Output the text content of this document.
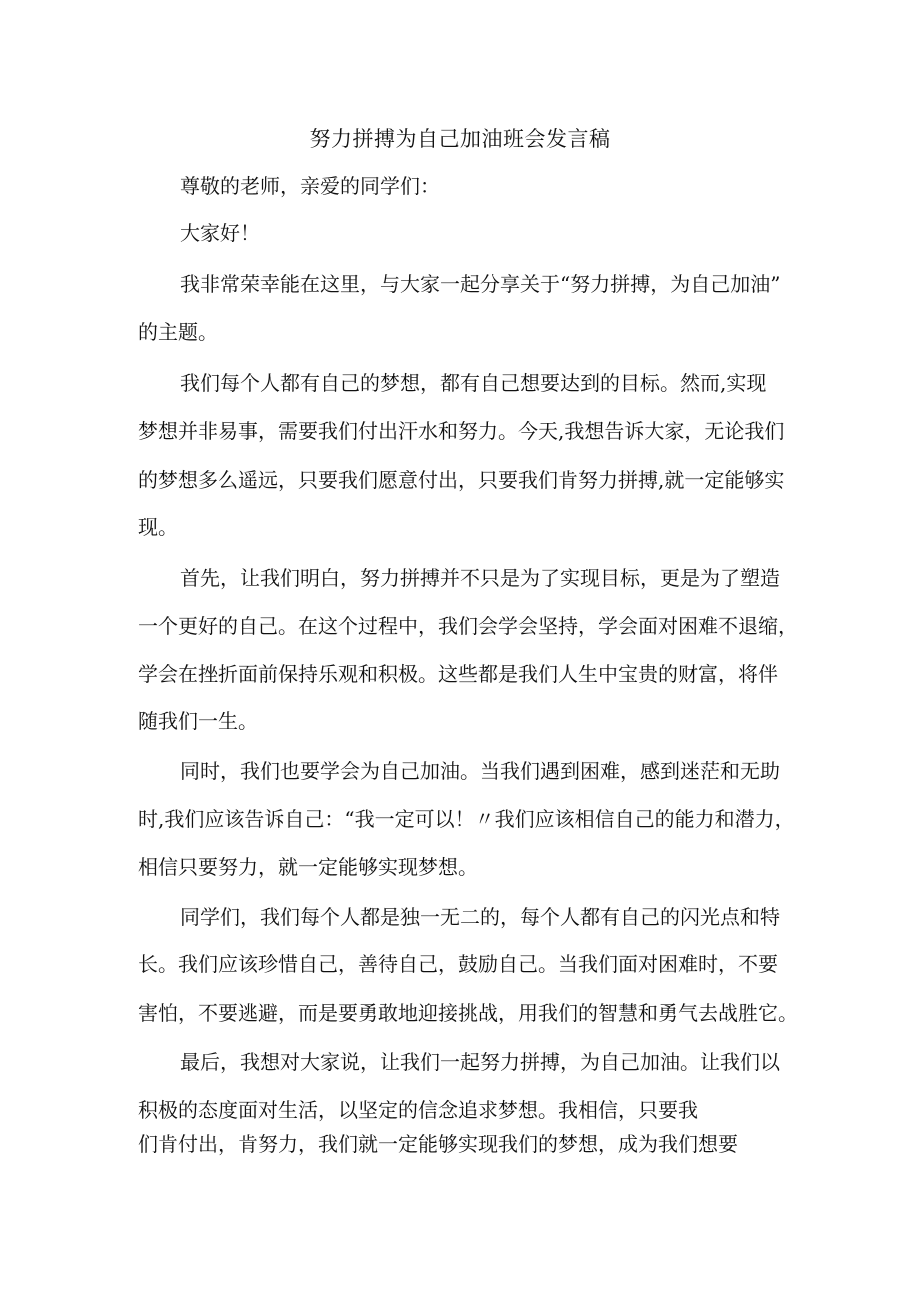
努力拼搏为自己加油班会发言稿

尊敬的老师，亲爱的同学们：

大家好！

我非常荣幸能在这里，与大家一起分享关于“努力拼搏，为自己加油”

的主题。

我们每个人都有自己的梦想，都有自己想要达到的目标。然而,实现

梦想并非易事，需要我们付出汗水和努力。今天,我想告诉大家，无论我们

的梦想多么遥远，只要我们愿意付出，只要我们肯努力拼搏,就一定能够实

现。

首先，让我们明白，努力拼搏并不只是为了实现目标，更是为了塑造

一个更好的自己。在这个过程中，我们会学会坚持，学会面对困难不退缩，

学会在挫折面前保持乐观和积极。这些都是我们人生中宝贵的财富，将伴

随我们一生。

同时，我们也要学会为自己加油。当我们遇到困难，感到迷茫和无助

时,我们应该告诉自己：“我一定可以！〃我们应该相信自己的能力和潜力，

相信只要努力，就一定能够实现梦想。

同学们，我们每个人都是独一无二的，每个人都有自己的闪光点和特

长。我们应该珍惜自己，善待自己，鼓励自己。当我们面对困难时，不要

害怕，不要逃避，而是要勇敢地迎接挑战，用我们的智慧和勇气去战胜它。

最后，我想对大家说，让我们一起努力拼搏，为自己加油。让我们以

积极的态度面对生活，以坚定的信念追求梦想。我相信，只要我

们肯付出，肯努力，我们就一定能够实现我们的梦想，成为我们想要
